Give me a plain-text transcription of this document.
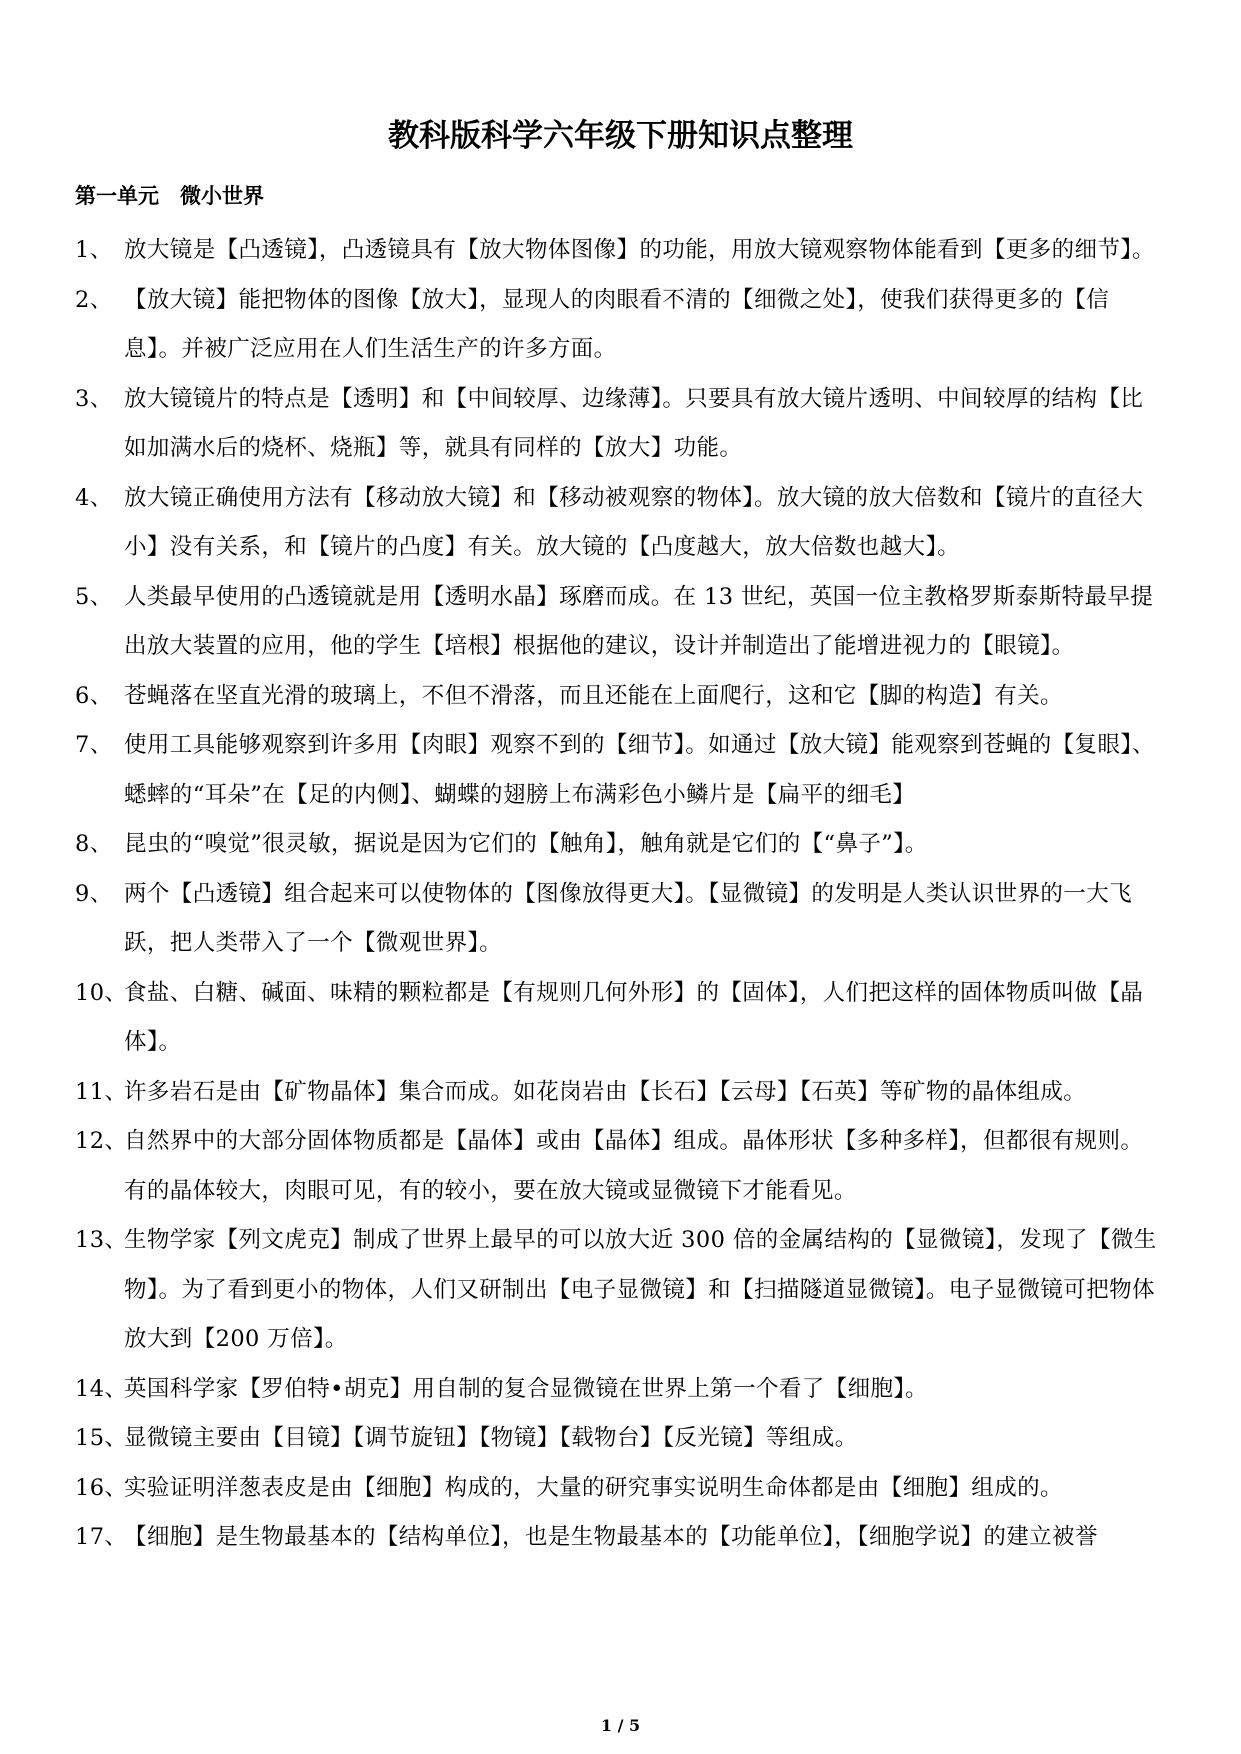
教科版科学六年级下册知识点整理
第一单元　微小世界
1、 放大镜是【凸透镜】，凸透镜具有【放大物体图像】的功能，用放大镜观察物体能看到【更多的细节】。
2、 【放大镜】能把物体的图像【放大】，显现人的肉眼看不清的【细微之处】，使我们获得更多的【信息】。并被广泛应用在人们生活生产的许多方面。
3、 放大镜镜片的特点是【透明】和【中间较厚、边缘薄】。只要具有放大镜片透明、中间较厚的结构【比如加满水后的烧杯、烧瓶】等，就具有同样的【放大】功能。
4、 放大镜正确使用方法有【移动放大镜】和【移动被观察的物体】。放大镜的放大倍数和【镜片的直径大小】没有关系，和【镜片的凸度】有关。放大镜的【凸度越大，放大倍数也越大】。
5、 人类最早使用的凸透镜就是用【透明水晶】琢磨而成。在 13 世纪，英国一位主教格罗斯泰斯特最早提出放大装置的应用，他的学生【培根】根据他的建议，设计并制造出了能增进视力的【眼镜】。
6、 苍蝇落在坚直光滑的玻璃上，不但不滑落，而且还能在上面爬行，这和它【脚的构造】有关。
7、 使用工具能够观察到许多用【肉眼】观察不到的【细节】。如通过【放大镜】能观察到苍蝇的【复眼】、蟋蟀的“耳朵”在【足的内侧】、蝴蝶的翅膀上布满彩色小鳞片是【扁平的细毛】
8、 昆虫的“嗅觉”很灵敏，据说是因为它们的【触角】，触角就是它们的【“鼻子”】。
9、 两个【凸透镜】组合起来可以使物体的【图像放得更大】。【显微镜】的发明是人类认识世界的一大飞跃，把人类带入了一个【微观世界】。
10、
食盐、白糖、碱面、味精的颗粒都是【有规则几何外形】的【固体】，人们把这样的固体物质叫做【晶体】。
11、
许多岩石是由【矿物晶体】集合而成。如花岗岩由【长石】【云母】【石英】等矿物的晶体组成。
12、
自然界中的大部分固体物质都是【晶体】或由【晶体】组成。晶体形状【多种多样】，但都很有规则。有的晶体较大，肉眼可见，有的较小，要在放大镜或显微镜下才能看见。
13、
生物学家【列文虎克】制成了世界上最早的可以放大近 300 倍的金属结构的【显微镜】，发现了【微生物】。为了看到更小的物体，人们又研制出【电子显微镜】和【扫描隧道显微镜】。电子显微镜可把物体放大到【200 万倍】。
14、
英国科学家【罗伯特•胡克】用自制的复合显微镜在世界上第一个看了【细胞】。
15、
显微镜主要由【目镜】【调节旋钮】【物镜】【载物台】【反光镜】等组成。
16、
实验证明洋葱表皮是由【细胞】构成的，大量的研究事实说明生命体都是由【细胞】组成的。
17、
【细胞】是生物最基本的【结构单位】，也是生物最基本的【功能单位】，【细胞学说】的建立被誉
1 / 5
